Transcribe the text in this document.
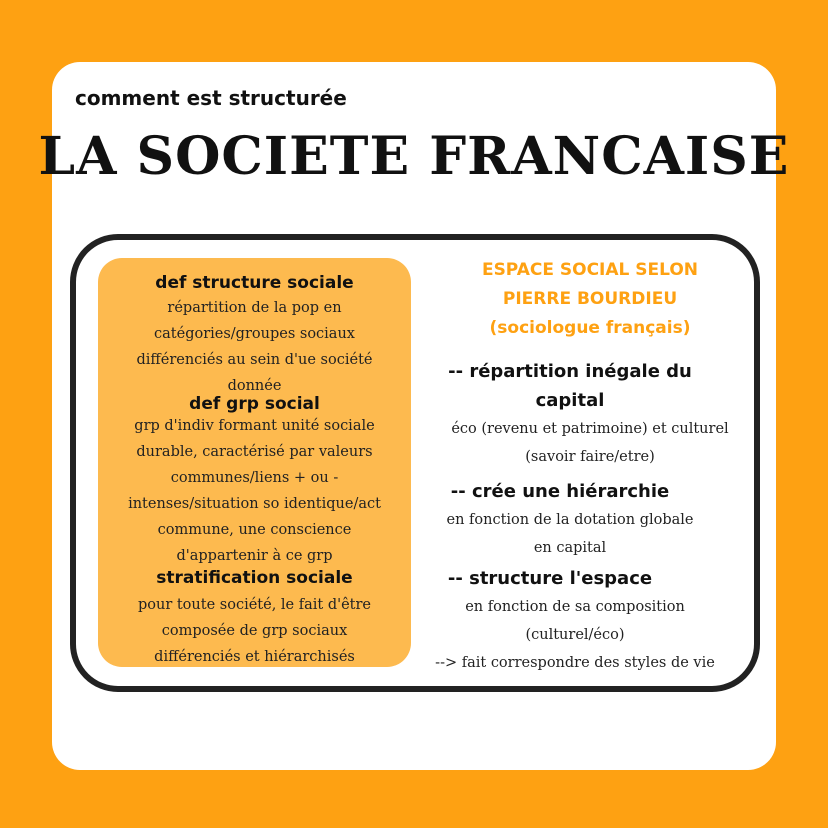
comment est structurée

LA SOCIETE FRANCAISE

def structure sociale

répartition de la pop en
catégories/groupes sociaux
différenciés au sein d'ue société
donnée

def grp social

grp d'indiv formant unité sociale
durable, caractérisé par valeurs
communes/liens + ou -
intenses/situation so identique/act
commune, une conscience
d'appartenir à ce grp

stratification sociale

pour toute société, le fait d'être
composée de grp sociaux
différenciés et hiérarchisés

ESPACE SOCIAL SELON
PIERRE BOURDIEU
(sociologue français)

-- répartition inégale du
capital

éco (revenu et patrimoine) et culturel
(savoir faire/etre)

-- crée une hiérarchie

en fonction de la dotation globale
en capital

-- structure l'espace

en fonction de sa composition
(culturel/éco)
--> fait correspondre des styles de vie
